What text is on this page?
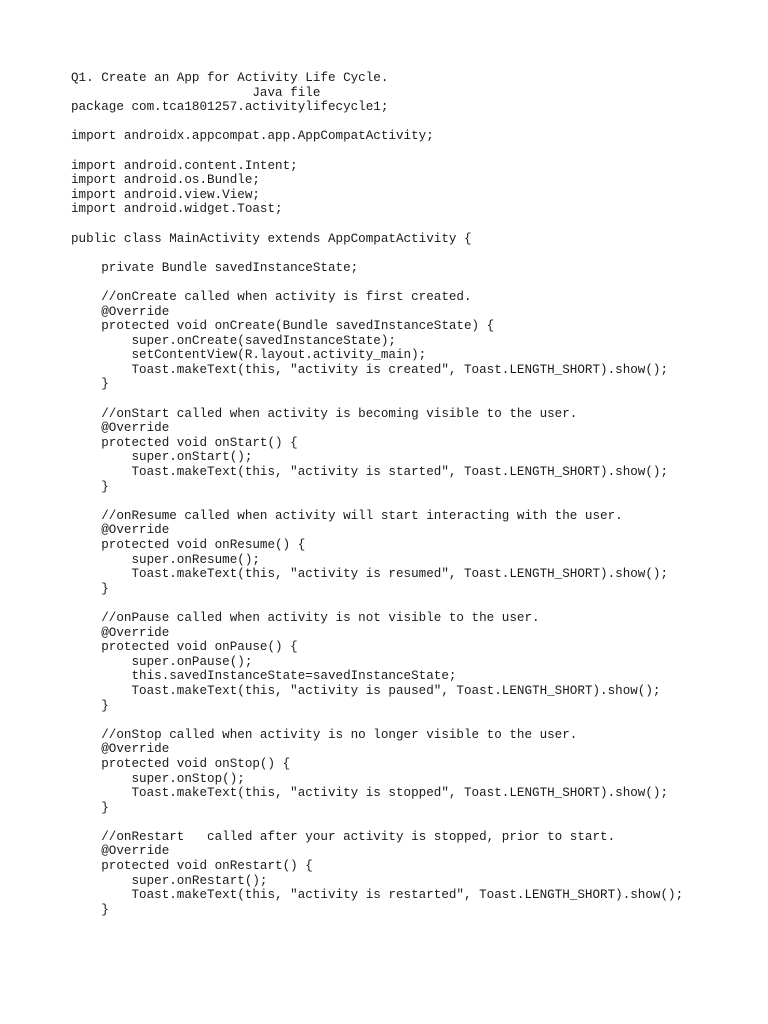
Q1. Create an App for Activity Life Cycle.
Java file
package com.tca1801257.activitylifecycle1;
import androidx.appcompat.app.AppCompatActivity;
import android.content.Intent;
import android.os.Bundle;
import android.view.View;
import android.widget.Toast;
public class MainActivity extends AppCompatActivity {
private Bundle savedInstanceState;
//onCreate called when activity is first created.
@Override
protected void onCreate(Bundle savedInstanceState) {
super.onCreate(savedInstanceState);
setContentView(R.layout.activity_main);
Toast.makeText(this, "activity is created", Toast.LENGTH_SHORT).show();
}
//onStart called when activity is becoming visible to the user.
@Override
protected void onStart() {
super.onStart();
Toast.makeText(this, "activity is started", Toast.LENGTH_SHORT).show();
}
//onResume called when activity will start interacting with the user.
@Override
protected void onResume() {
super.onResume();
Toast.makeText(this, "activity is resumed", Toast.LENGTH_SHORT).show();
}
//onPause called when activity is not visible to the user.
@Override
protected void onPause() {
super.onPause();
this.savedInstanceState=savedInstanceState;
Toast.makeText(this, "activity is paused", Toast.LENGTH_SHORT).show();
}
//onStop called when activity is no longer visible to the user.
@Override
protected void onStop() {
super.onStop();
Toast.makeText(this, "activity is stopped", Toast.LENGTH_SHORT).show();
}
//onRestart   called after your activity is stopped, prior to start.
@Override
protected void onRestart() {
super.onRestart();
Toast.makeText(this, "activity is restarted", Toast.LENGTH_SHORT).show();
}
